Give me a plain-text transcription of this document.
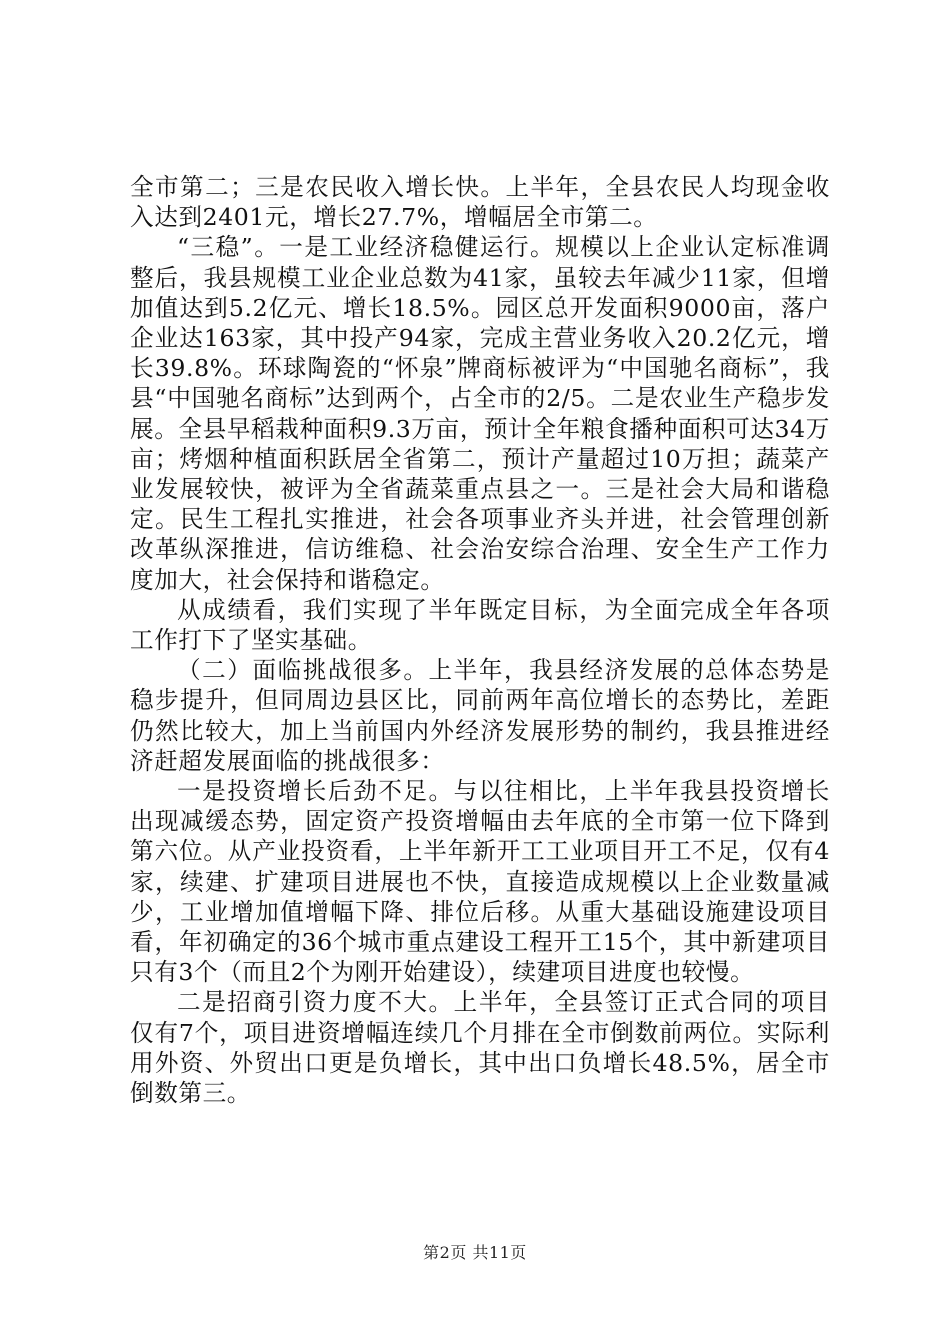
全市第二；三是农民收入增长快。上半年，全县农民人均现金收入达到2401元，增长27.7%，增幅居全市第二。

“三稳”。一是工业经济稳健运行。规模以上企业认定标准调整后，我县规模工业企业总数为41家，虽较去年减少11家，但增加值达到5.2亿元、增长18.5%。园区总开发面积9000亩，落户企业达163家，其中投产94家，完成主营业务收入20.2亿元，增长39.8%。环球陶瓷的“怀泉”牌商标被评为“中国驰名商标”，我县“中国驰名商标”达到两个，占全市的2/5。二是农业生产稳步发展。全县早稻栽种面积9.3万亩，预计全年粮食播种面积可达34万亩；烤烟种植面积跃居全省第二，预计产量超过10万担；蔬菜产业发展较快，被评为全省蔬菜重点县之一。三是社会大局和谐稳定。民生工程扎实推进，社会各项事业齐头并进，社会管理创新改革纵深推进，信访维稳、社会治安综合治理、安全生产工作力度加大，社会保持和谐稳定。

从成绩看，我们实现了半年既定目标，为全面完成全年各项工作打下了坚实基础。

（二）面临挑战很多。上半年，我县经济发展的总体态势是稳步提升，但同周边县区比，同前两年高位增长的态势比，差距仍然比较大，加上当前国内外经济发展形势的制约，我县推进经济赶超发展面临的挑战很多：

一是投资增长后劲不足。与以往相比，上半年我县投资增长出现减缓态势，固定资产投资增幅由去年底的全市第一位下降到第六位。从产业投资看，上半年新开工工业项目开工不足，仅有4家，续建、扩建项目进展也不快，直接造成规模以上企业数量减少，工业增加值增幅下降、排位后移。从重大基础设施建设项目看，年初确定的36个城市重点建设工程开工15个，其中新建项目只有3个（而且2个为刚开始建设），续建项目进度也较慢。

二是招商引资力度不大。上半年，全县签订正式合同的项目仅有7个，项目进资增幅连续几个月排在全市倒数前两位。实际利用外资、外贸出口更是负增长，其中出口负增长48.5%，居全市倒数第三。

第2页 共11页
